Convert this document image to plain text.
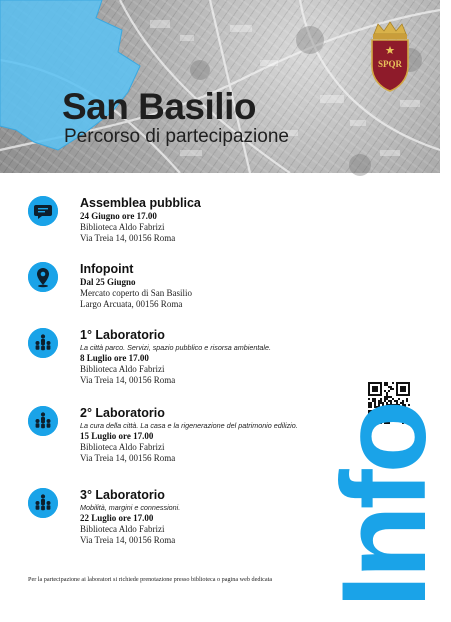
San Basilio
Percorso di partecipazione
SPQR
Assemblea pubblica
24 Giugno ore 17.00
Biblioteca Aldo Fabrizi
Via Treia 14, 00156 Roma
Infopoint
Dal 25 Giugno
Mercato coperto di San Basilio
Largo Arcuata, 00156 Roma
1° Laboratorio
La città parco. Servizi, spazio pubblico e risorsa ambientale.
8 Luglio ore 17.00
Biblioteca Aldo Fabrizi
Via Treia 14, 00156 Roma
2° Laboratorio
La cura della città. La casa e la rigenerazione del patrimonio edilizio.
15 Luglio ore 17.00
Biblioteca Aldo Fabrizi
Via Treia 14, 00156 Roma
3° Laboratorio
Mobilità, margini e connessioni.
22 Luglio ore 17.00
Biblioteca Aldo Fabrizi
Via Treia 14, 00156 Roma	Info
Per la partecipazione ai laboratori si richiede prenotazione presso biblioteca o pagina web dedicata
